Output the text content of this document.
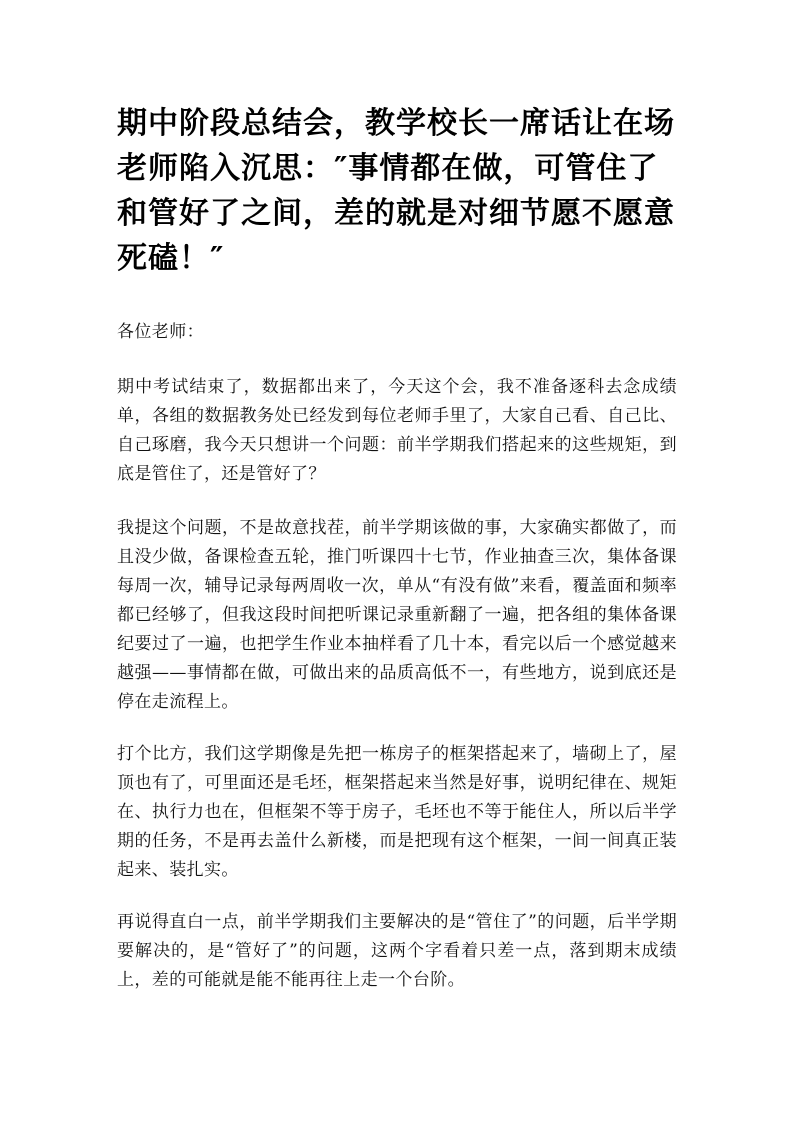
期中阶段总结会，教学校长一席话让在场老师陷入沉思：″事情都在做，可管住了和管好了之间，差的就是对细节愿不愿意死磕！″

各位老师：

期中考试结束了，数据都出来了，今天这个会，我不准备逐科去念成绩单，各组的数据教务处已经发到每位老师手里了，大家自己看、自己比、自己琢磨，我今天只想讲一个问题：前半学期我们搭起来的这些规矩，到底是管住了，还是管好了？

我提这个问题，不是故意找茬，前半学期该做的事，大家确实都做了，而且没少做，备课检查五轮，推门听课四十七节，作业抽查三次，集体备课每周一次，辅导记录每两周收一次，单从“有没有做”来看，覆盖面和频率都已经够了，但我这段时间把听课记录重新翻了一遍，把各组的集体备课纪要过了一遍，也把学生作业本抽样看了几十本，看完以后一个感觉越来越强——事情都在做，可做出来的品质高低不一，有些地方，说到底还是停在走流程上。

打个比方，我们这学期像是先把一栋房子的框架搭起来了，墙砌上了，屋顶也有了，可里面还是毛坯，框架搭起来当然是好事，说明纪律在、规矩在、执行力也在，但框架不等于房子，毛坯也不等于能住人，所以后半学期的任务，不是再去盖什么新楼，而是把现有这个框架，一间一间真正装起来、装扎实。

再说得直白一点，前半学期我们主要解决的是“管住了”的问题，后半学期要解决的，是“管好了”的问题，这两个字看着只差一点，落到期末成绩上，差的可能就是能不能再往上走一个台阶。
